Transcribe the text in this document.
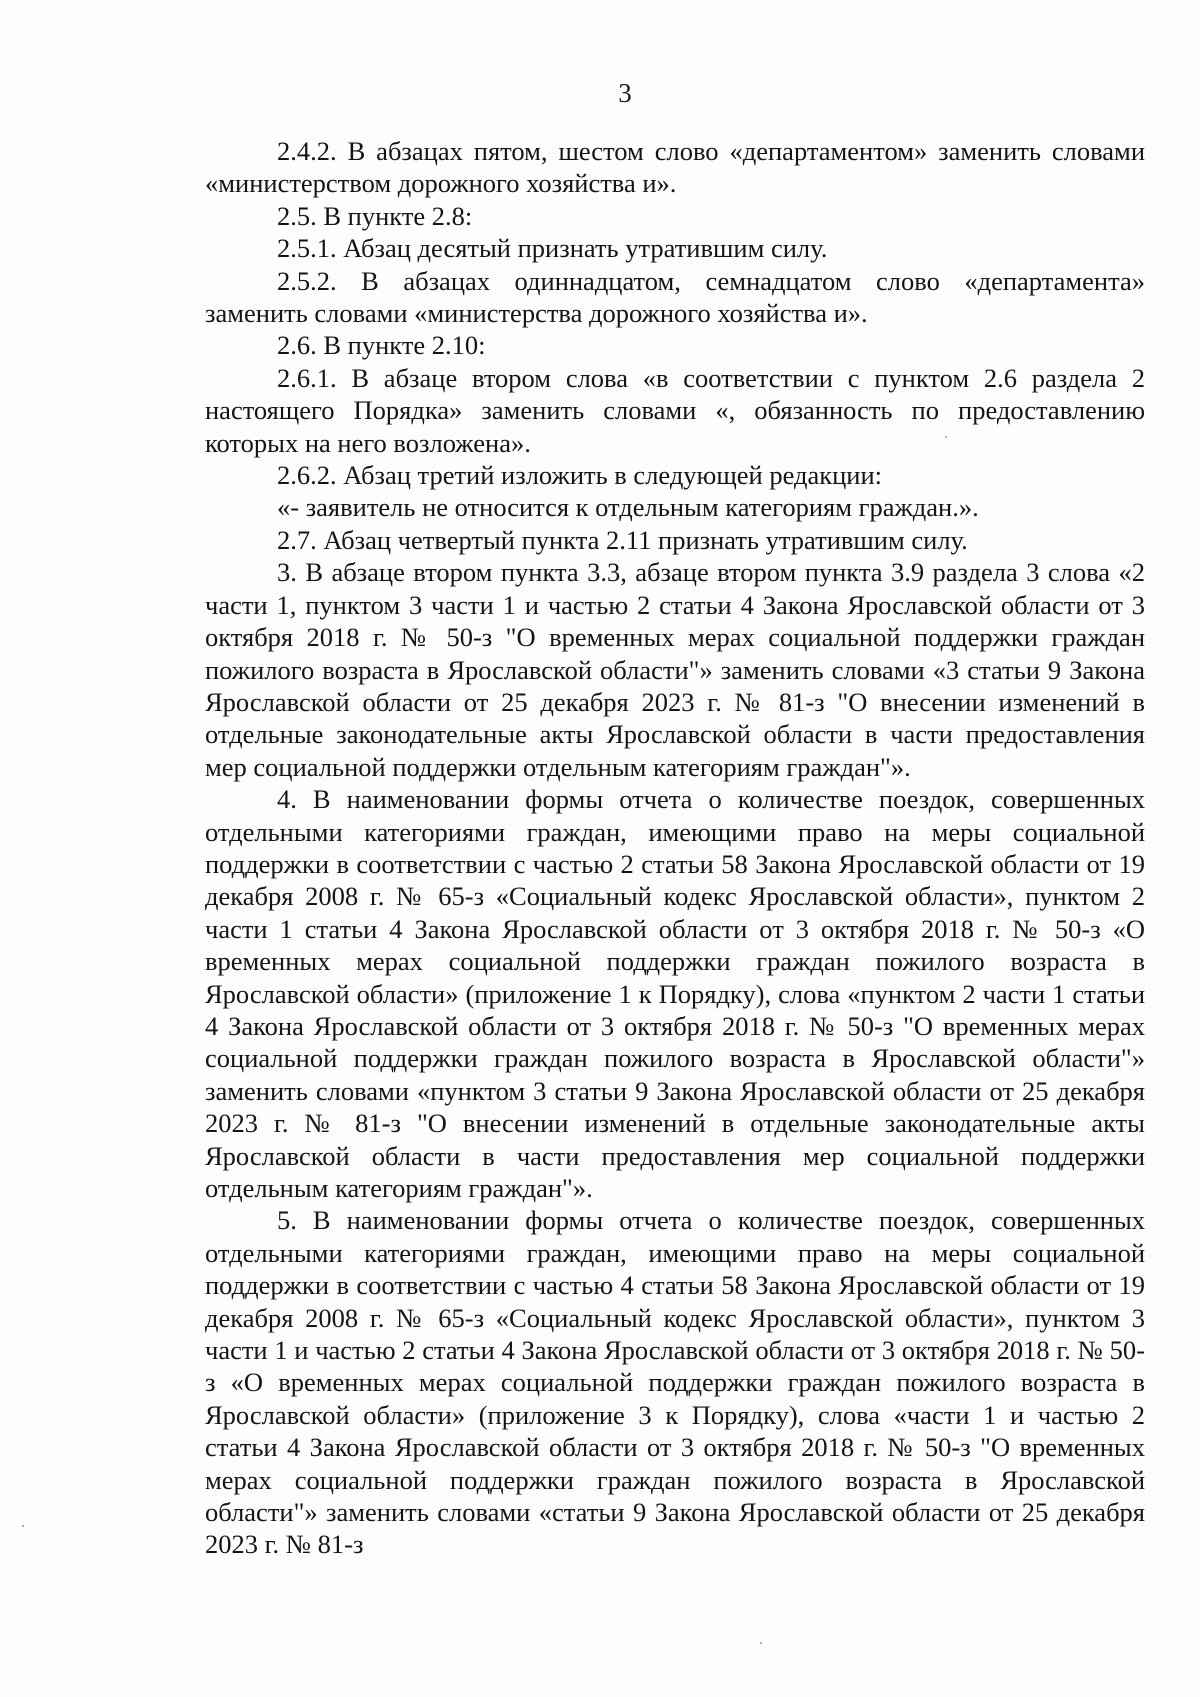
3

2.4.2. В абзацах пятом, шестом слово «департаментом» заменить словами «министерством дорожного хозяйства и».

2.5. В пункте 2.8:

2.5.1. Абзац десятый признать утратившим силу.

2.5.2. В абзацах одиннадцатом, семнадцатом слово «департамента» заменить словами «министерства дорожного хозяйства и».

2.6. В пункте 2.10:

2.6.1. В абзаце втором слова «в соответствии с пунктом 2.6 раздела 2 настоящего Порядка» заменить словами «, обязанность по предоставлению которых на него возложена».

2.6.2. Абзац третий изложить в следующей редакции:

«- заявитель не относится к отдельным категориям граждан.».

2.7. Абзац четвертый пункта 2.11 признать утратившим силу.

3. В абзаце втором пункта 3.3, абзаце втором пункта 3.9 раздела 3 слова «2 части 1, пунктом 3 части 1 и частью 2 статьи 4 Закона Ярославской области от 3 октября 2018 г. № 50-з "О временных мерах социальной поддержки граждан пожилого возраста в Ярославской области"» заменить словами «3 статьи 9 Закона Ярославской области от 25 декабря 2023 г. № 81-з "О внесении изменений в отдельные законодательные акты Ярославской области в части предоставления мер социальной поддержки отдельным категориям граждан"».

4. В наименовании формы отчета о количестве поездок, совершенных отдельными категориями граждан, имеющими право на меры социальной поддержки в соответствии с частью 2 статьи 58 Закона Ярославской области от 19 декабря 2008 г. № 65-з «Социальный кодекс Ярославской области», пунктом 2 части 1 статьи 4 Закона Ярославской области от 3 октября 2018 г. № 50-з «О временных мерах социальной поддержки граждан пожилого возраста в Ярославской области» (приложение 1 к Порядку), слова «пунктом 2 части 1 статьи 4 Закона Ярославской области от 3 октября 2018 г. № 50-з "О временных мерах социальной поддержки граждан пожилого возраста в Ярославской области"» заменить словами «пунктом 3 статьи 9 Закона Ярославской области от 25 декабря 2023 г. № 81-з "О внесении изменений в отдельные законодательные акты Ярославской области в части предоставления мер социальной поддержки отдельным категориям граждан"».

5. В наименовании формы отчета о количестве поездок, совершенных отдельными категориями граждан, имеющими право на меры социальной поддержки в соответствии с частью 4 статьи 58 Закона Ярославской области от 19 декабря 2008 г. № 65-з «Социальный кодекс Ярославской области», пунктом 3 части 1 и частью 2 статьи 4 Закона Ярославской области от 3 октября 2018 г. № 50-з «О временных мерах социальной поддержки граждан пожилого возраста в Ярославской области» (приложение 3 к Порядку), слова «части 1 и частью 2 статьи 4 Закона Ярославской области от 3 октября 2018 г. № 50-з "О временных мерах социальной поддержки граждан пожилого возраста в Ярославской области"» заменить словами «статьи 9 Закона Ярославской области от 25 декабря 2023 г. № 81-з
